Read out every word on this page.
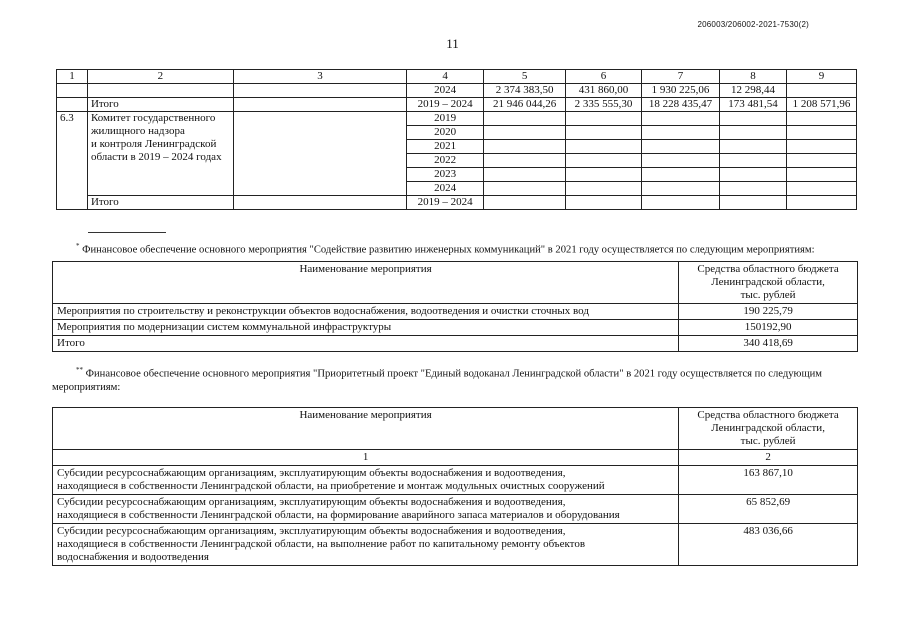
206003/206002-2021-7530(2)
11
1	2	3	4	5	6	7	8	9
			2024	2 374 383,50	431 860,00	1 930 225,06	12 298,44	
	Итого		2019 – 2024	21 946 044,26	2 335 555,30	18 228 435,47	173 481,54	1 208 571,96
6.3	Комитет государственного
жилищного надзора
и контроля Ленинградской
области в 2019 – 2024 годах		2019					
			2020					
			2021					
			2022					
			2023					
			2024					
	Итого		2019 – 2024					
* Финансовое обеспечение основного мероприятия "Содействие развитию инженерных коммуникаций" в 2021 году осуществляется по следующим мероприятиям:
Наименование мероприятия	Средства областного бюджета
Ленинградской области,
тыс. рублей

Мероприятия по строительству и реконструкции объектов водоснабжения, водоотведения и очистки сточных вод	190 225,79
Мероприятия по модернизации систем коммунальной инфраструктуры	150192,90
Итого	340 418,69
** Финансовое обеспечение основного мероприятия "Приоритетный проект "Единый водоканал Ленинградской области" в 2021 году осуществляется по следующим
мероприятиям:
Наименование мероприятия	Средства областного бюджета
Ленинградской области,
тыс. рублей

1	2

Субсидии ресурсоснабжающим организациям, эксплуатирующим объекты водоснабжения и водоотведения,
находящиеся в собственности Ленинградской области, на приобретение и монтаж модульных очистных сооружений	163 867,10

Субсидии ресурсоснабжающим организациям, эксплуатирующим объекты водоснабжения и водоотведения,
находящиеся в собственности Ленинградской области, на формирование аварийного запаса материалов и оборудования	65 852,69

Субсидии ресурсоснабжающим организациям, эксплуатирующим объекты водоснабжения и водоотведения,
находящиеся в собственности Ленинградской области, на выполнение работ по капитальному ремонту объектов
водоснабжения и водоотведения	483 036,66
